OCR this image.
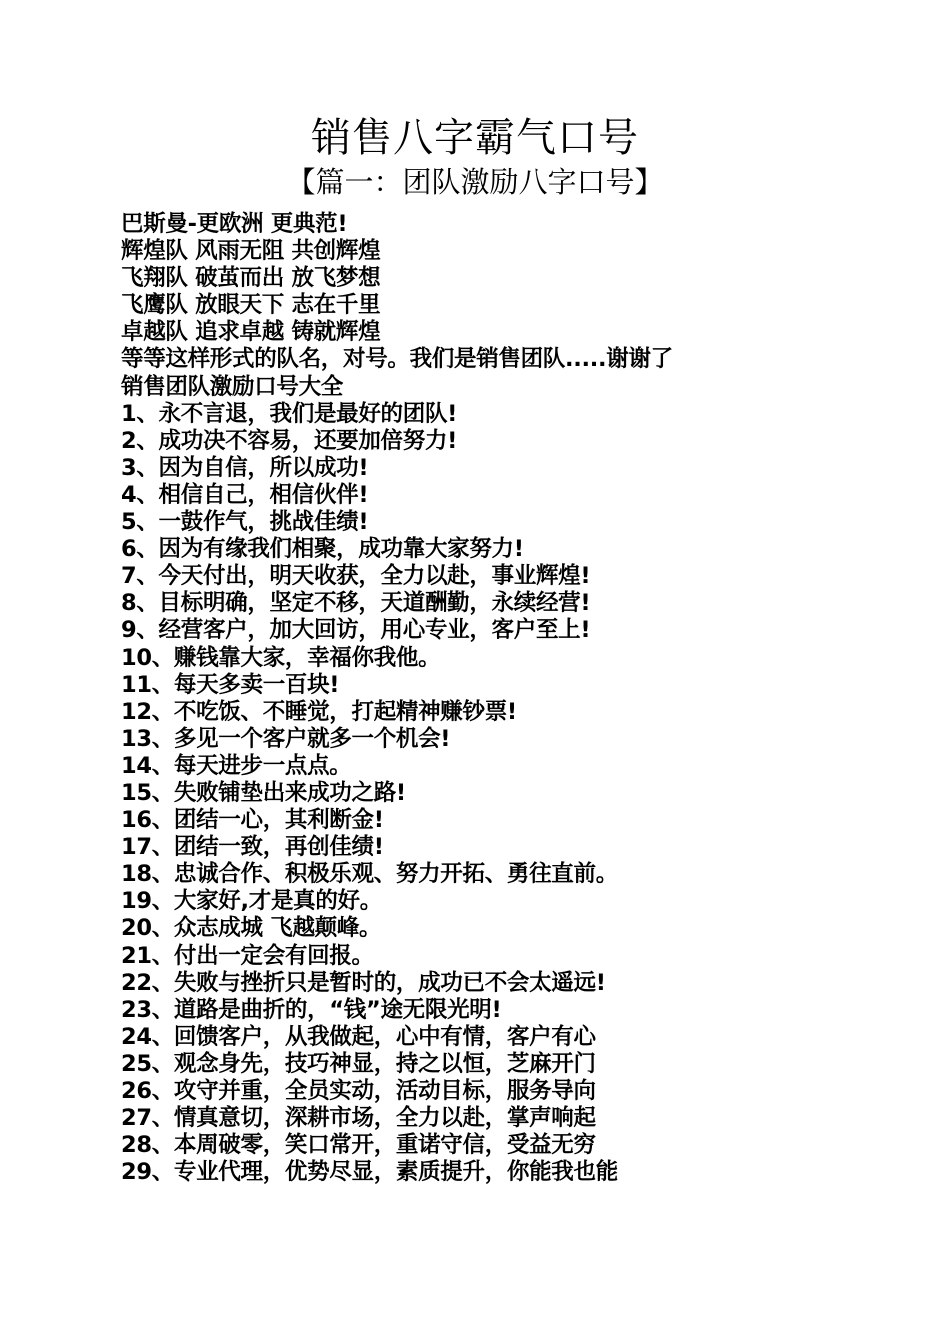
销售八字霸气口号
【篇一：团队激励八字口号】
巴斯曼-更欧洲 更典范!
辉煌队 风雨无阻 共创辉煌
飞翔队 破茧而出 放飞梦想
飞鹰队 放眼天下 志在千里
卓越队 追求卓越 铸就辉煌
等等这样形式的队名，对号。我们是销售团队.....谢谢了
销售团队激励口号大全
1、永不言退，我们是最好的团队!
2、成功决不容易，还要加倍努力!
3、因为自信，所以成功!
4、相信自己，相信伙伴!
5、一鼓作气，挑战佳绩!
6、因为有缘我们相聚，成功靠大家努力!
7、今天付出，明天收获，全力以赴，事业辉煌!
8、目标明确，坚定不移，天道酬勤，永续经营!
9、经营客户，加大回访，用心专业，客户至上!
10、赚钱靠大家，幸福你我他。
11、每天多卖一百块!
12、不吃饭、不睡觉，打起精神赚钞票!
13、多见一个客户就多一个机会!
14、每天进步一点点。
15、失败铺垫出来成功之路!
16、团结一心，其利断金!
17、团结一致，再创佳绩!
18、忠诚合作、积极乐观、努力开拓、勇往直前。
19、大家好,才是真的好。
20、众志成城 飞越颠峰。
21、付出一定会有回报。
22、失败与挫折只是暂时的，成功已不会太遥远!
23、道路是曲折的，“钱”途无限光明!
24、回馈客户，从我做起，心中有情，客户有心
25、观念身先，技巧神显，持之以恒，芝麻开门
26、攻守并重，全员实动，活动目标，服务导向
27、情真意切，深耕市场，全力以赴，掌声响起
28、本周破零，笑口常开，重诺守信，受益无穷
29、专业代理，优势尽显，素质提升，你能我也能
